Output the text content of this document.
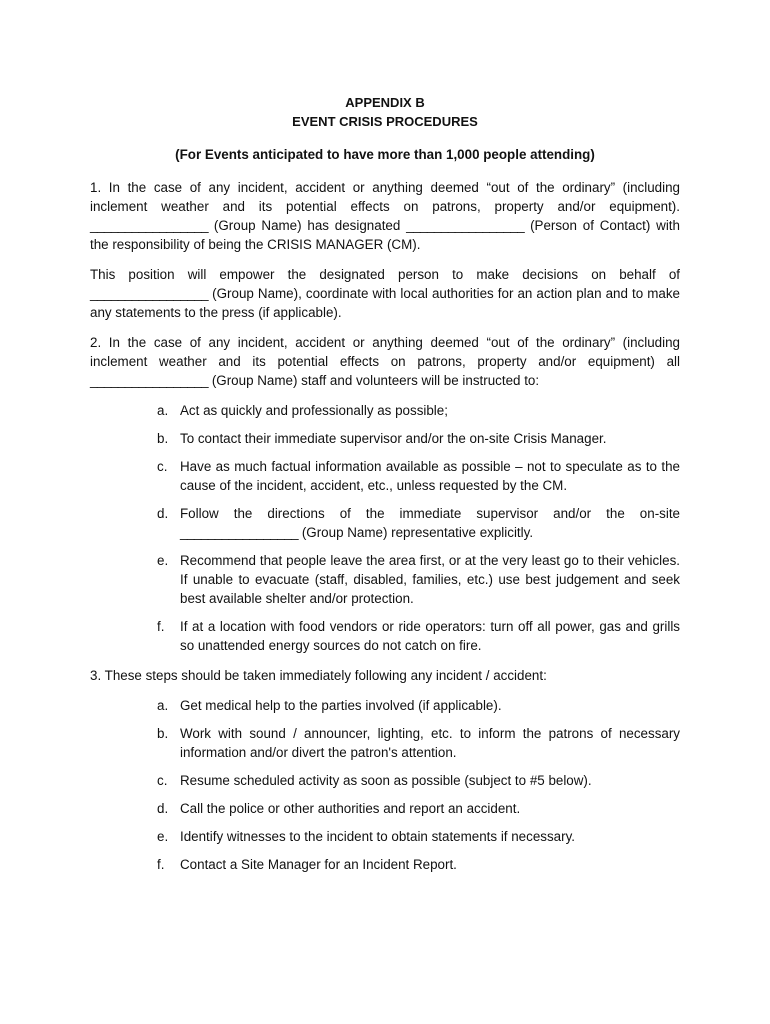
APPENDIX B
EVENT CRISIS PROCEDURES
(For Events anticipated to have more than 1,000 people attending)

1. In the case of any incident, accident or anything deemed “out of the ordinary” (including inclement weather and its potential effects on patrons, property and/or equipment). _________________ (Group Name) has designated _________________ (Person of Contact) with the responsibility of being the CRISIS MANAGER (CM).

This position will empower the designated person to make decisions on behalf of _________________ (Group Name), coordinate with local authorities for an action plan and to make any statements to the press (if applicable).

2. In the case of any incident, accident or anything deemed “out of the ordinary” (including inclement weather and its potential effects on patrons, property and/or equipment) all _________________ (Group Name) staff and volunteers will be instructed to:

a. Act as quickly and professionally as possible;
b. To contact their immediate supervisor and/or the on-site Crisis Manager.
c. Have as much factual information available as possible – not to speculate as to the cause of the incident, accident, etc., unless requested by the CM.
d. Follow the directions of the immediate supervisor and/or the on-site _________________ (Group Name) representative explicitly.
e. Recommend that people leave the area first, or at the very least go to their vehicles. If unable to evacuate (staff, disabled, families, etc.) use best judgement and seek best available shelter and/or protection.
f. If at a location with food vendors or ride operators: turn off all power, gas and grills so unattended energy sources do not catch on fire.

3. These steps should be taken immediately following any incident / accident:

a. Get medical help to the parties involved (if applicable).
b. Work with sound / announcer, lighting, etc. to inform the patrons of necessary information and/or divert the patron's attention.
c. Resume scheduled activity as soon as possible (subject to #5 below).
d. Call the police or other authorities and report an accident.
e. Identify witnesses to the incident to obtain statements if necessary.
f. Contact a Site Manager for an Incident Report.
